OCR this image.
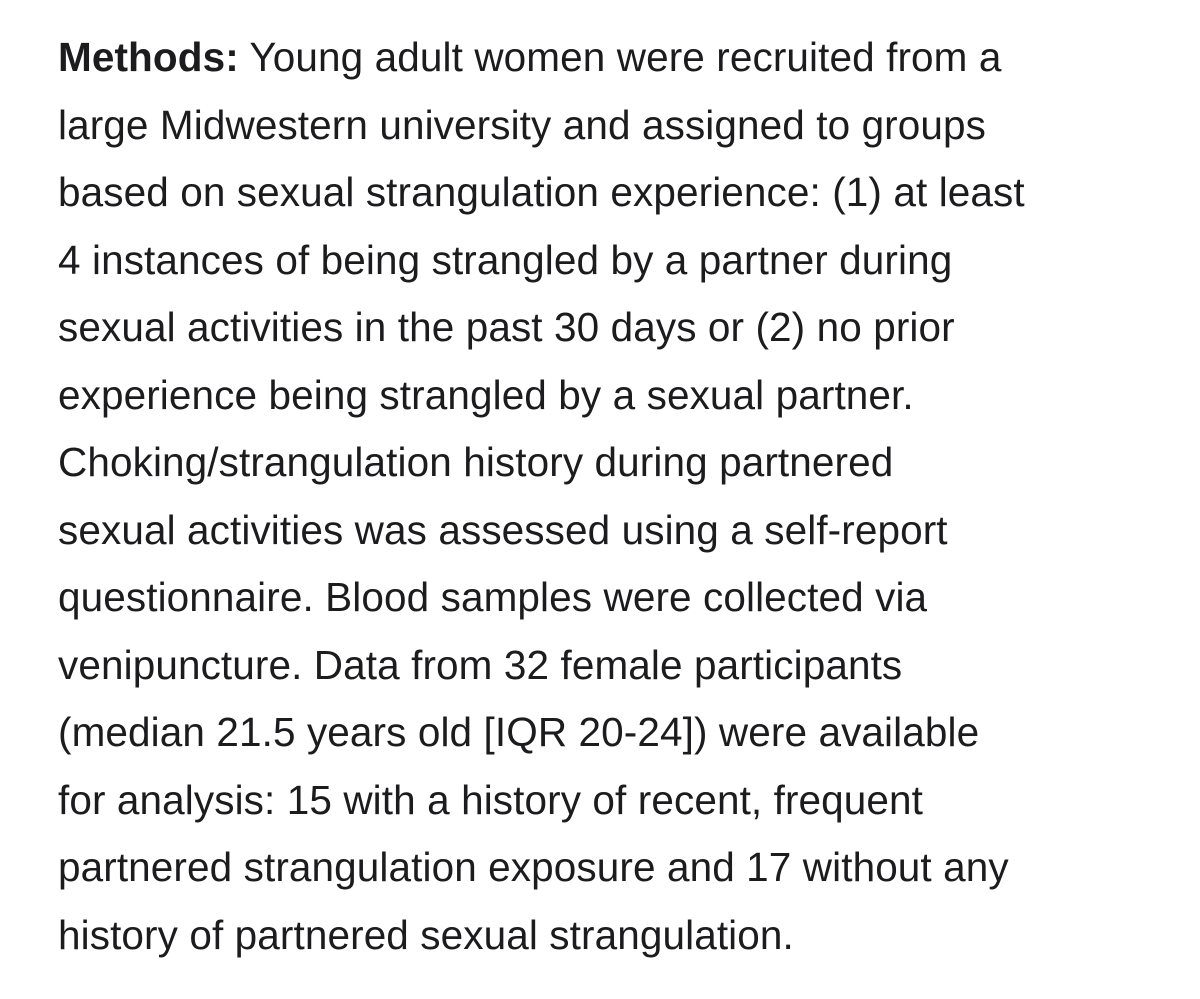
Methods: Young adult women were recruited from a
large Midwestern university and assigned to groups
based on sexual strangulation experience: (1) at least
4 instances of being strangled by a partner during
sexual activities in the past 30 days or (2) no prior
experience being strangled by a sexual partner.
Choking/strangulation history during partnered
sexual activities was assessed using a self-report
questionnaire. Blood samples were collected via
venipuncture. Data from 32 female participants
(median 21.5 years old [IQR 20-24]) were available
for analysis: 15 with a history of recent, frequent
partnered strangulation exposure and 17 without any
history of partnered sexual strangulation.
